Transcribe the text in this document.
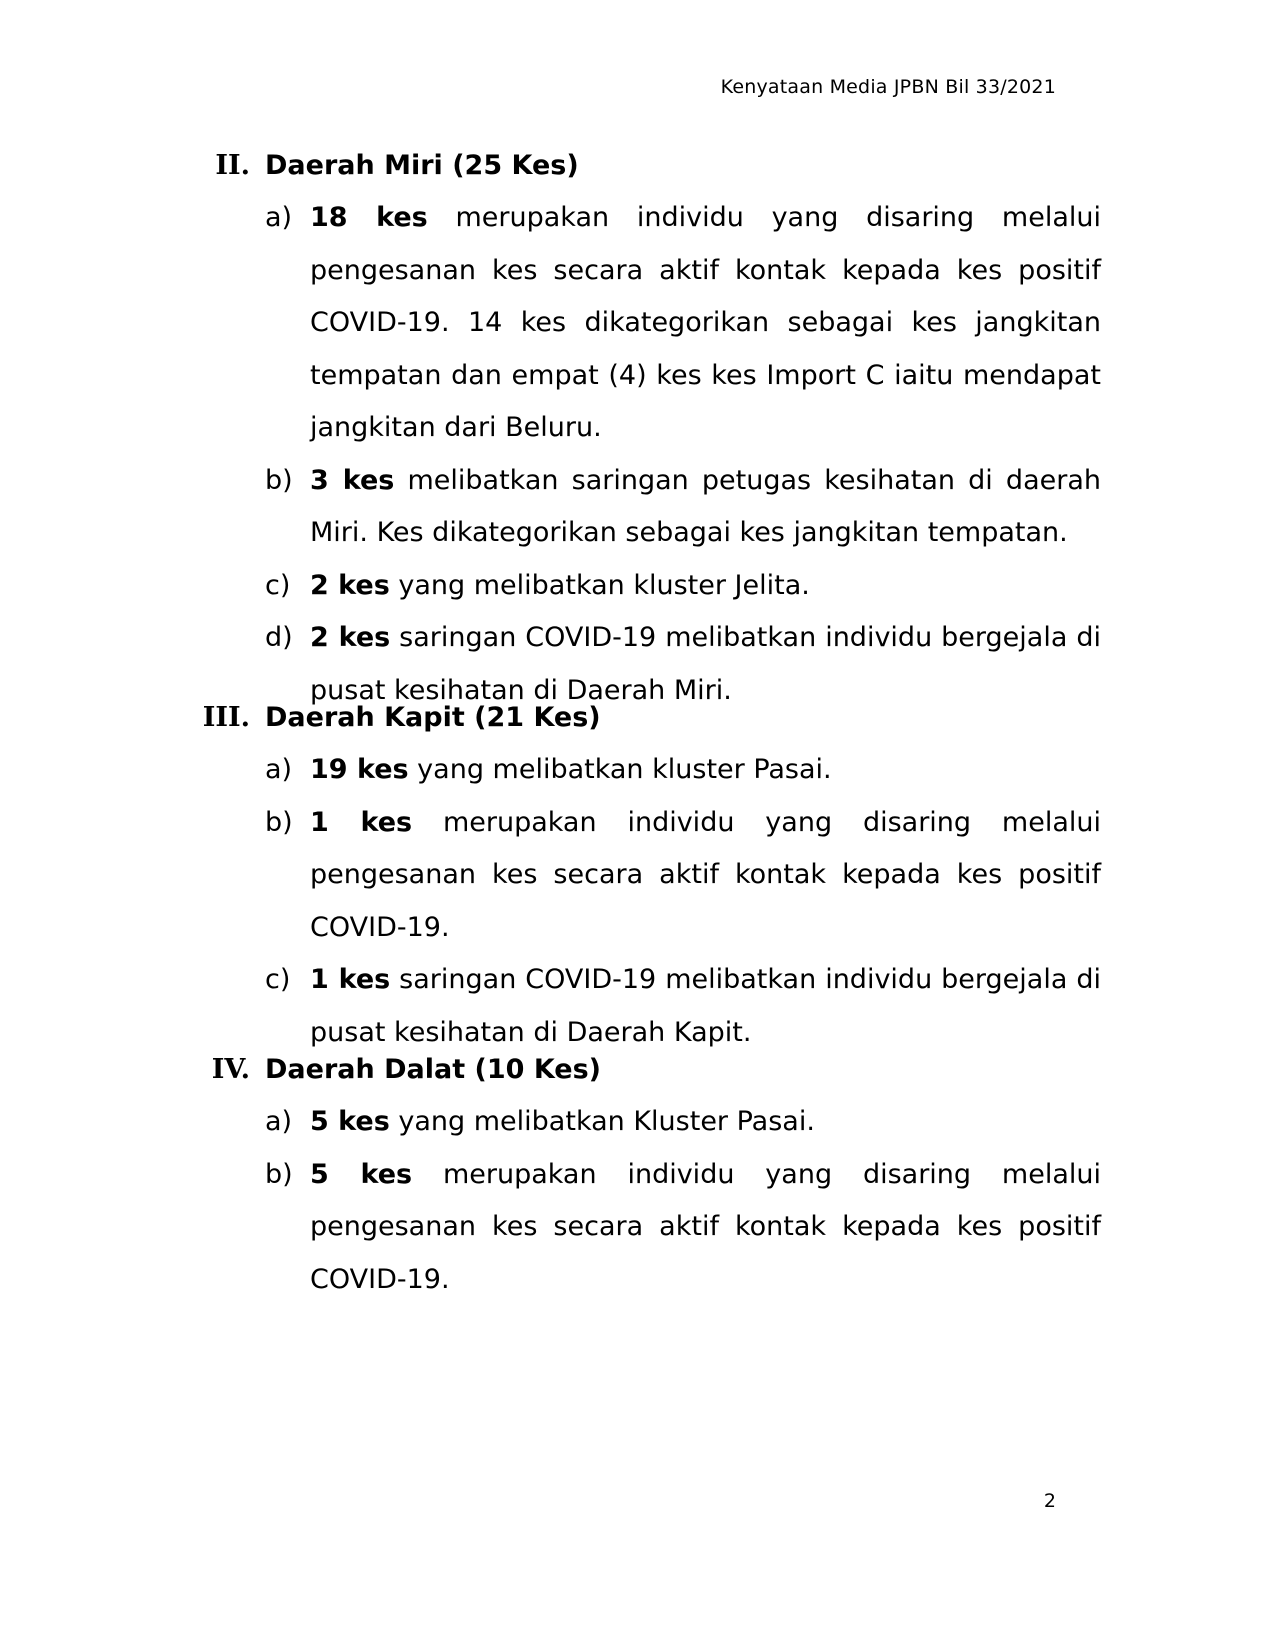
Kenyataan Media JPBN Bil 33/2021
II. Daerah Miri (25 Kes)
a) 18 kes merupakan individu yang disaring melalui pengesanan kes secara aktif kontak kepada kes positif COVID-19. 14 kes dikategorikan sebagai kes jangkitan tempatan dan empat (4) kes kes Import C iaitu mendapat jangkitan dari Beluru.
b) 3 kes melibatkan saringan petugas kesihatan di daerah Miri. Kes dikategorikan sebagai kes jangkitan tempatan.
c) 2 kes yang melibatkan kluster Jelita.
d) 2 kes saringan COVID-19 melibatkan individu bergejala di pusat kesihatan di Daerah Miri.
III. Daerah Kapit (21 Kes)
a) 19 kes yang melibatkan kluster Pasai.
b) 1 kes merupakan individu yang disaring melalui pengesanan kes secara aktif kontak kepada kes positif COVID-19.
c) 1 kes saringan COVID-19 melibatkan individu bergejala di pusat kesihatan di Daerah Kapit.
IV. Daerah Dalat (10 Kes)
a) 5 kes yang melibatkan Kluster Pasai.
b) 5 kes merupakan individu yang disaring melalui pengesanan kes secara aktif kontak kepada kes positif COVID-19.
2
